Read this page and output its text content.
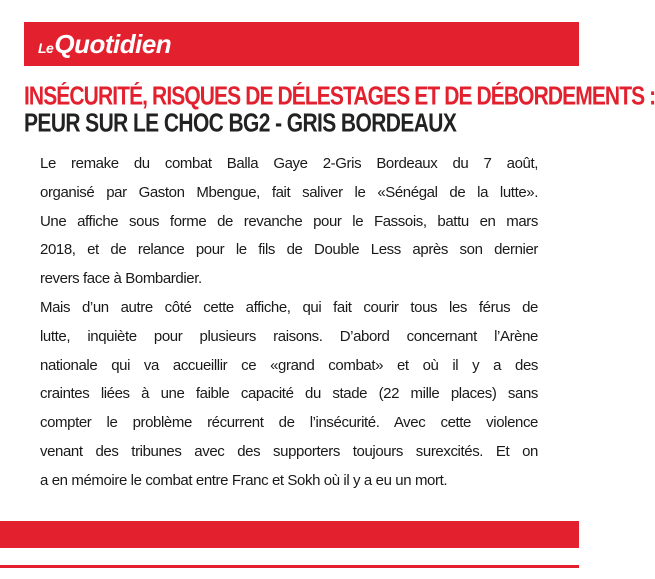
LeQuotidien
INSÉCURITÉ, RISQUES DE DÉLESTAGES ET DE DÉBORDEMENTS :
PEUR SUR LE CHOC BG2 - GRIS BORDEAUX

Le remake du combat Balla Gaye 2-Gris Bordeaux du 7 août,
organisé par Gaston Mbengue, fait saliver le «Sénégal de la lutte».
Une affiche sous forme de revanche pour le Fassois, battu en mars
2018, et de relance pour le fils de Double Less après son dernier
revers face à Bombardier.

Mais d’un autre côté cette affiche, qui fait courir tous les férus de
lutte, inquiète pour plusieurs raisons. D’abord concernant l’Arène
nationale qui va accueillir ce «grand combat» et où il y a des
craintes liées à une faible capacité du stade (22 mille places) sans
compter le problème récurrent de l’insécurité. Avec cette violence
venant des tribunes avec des supporters toujours surexcités. Et on
a en mémoire le combat entre Franc et Sokh où il y a eu un mort.
